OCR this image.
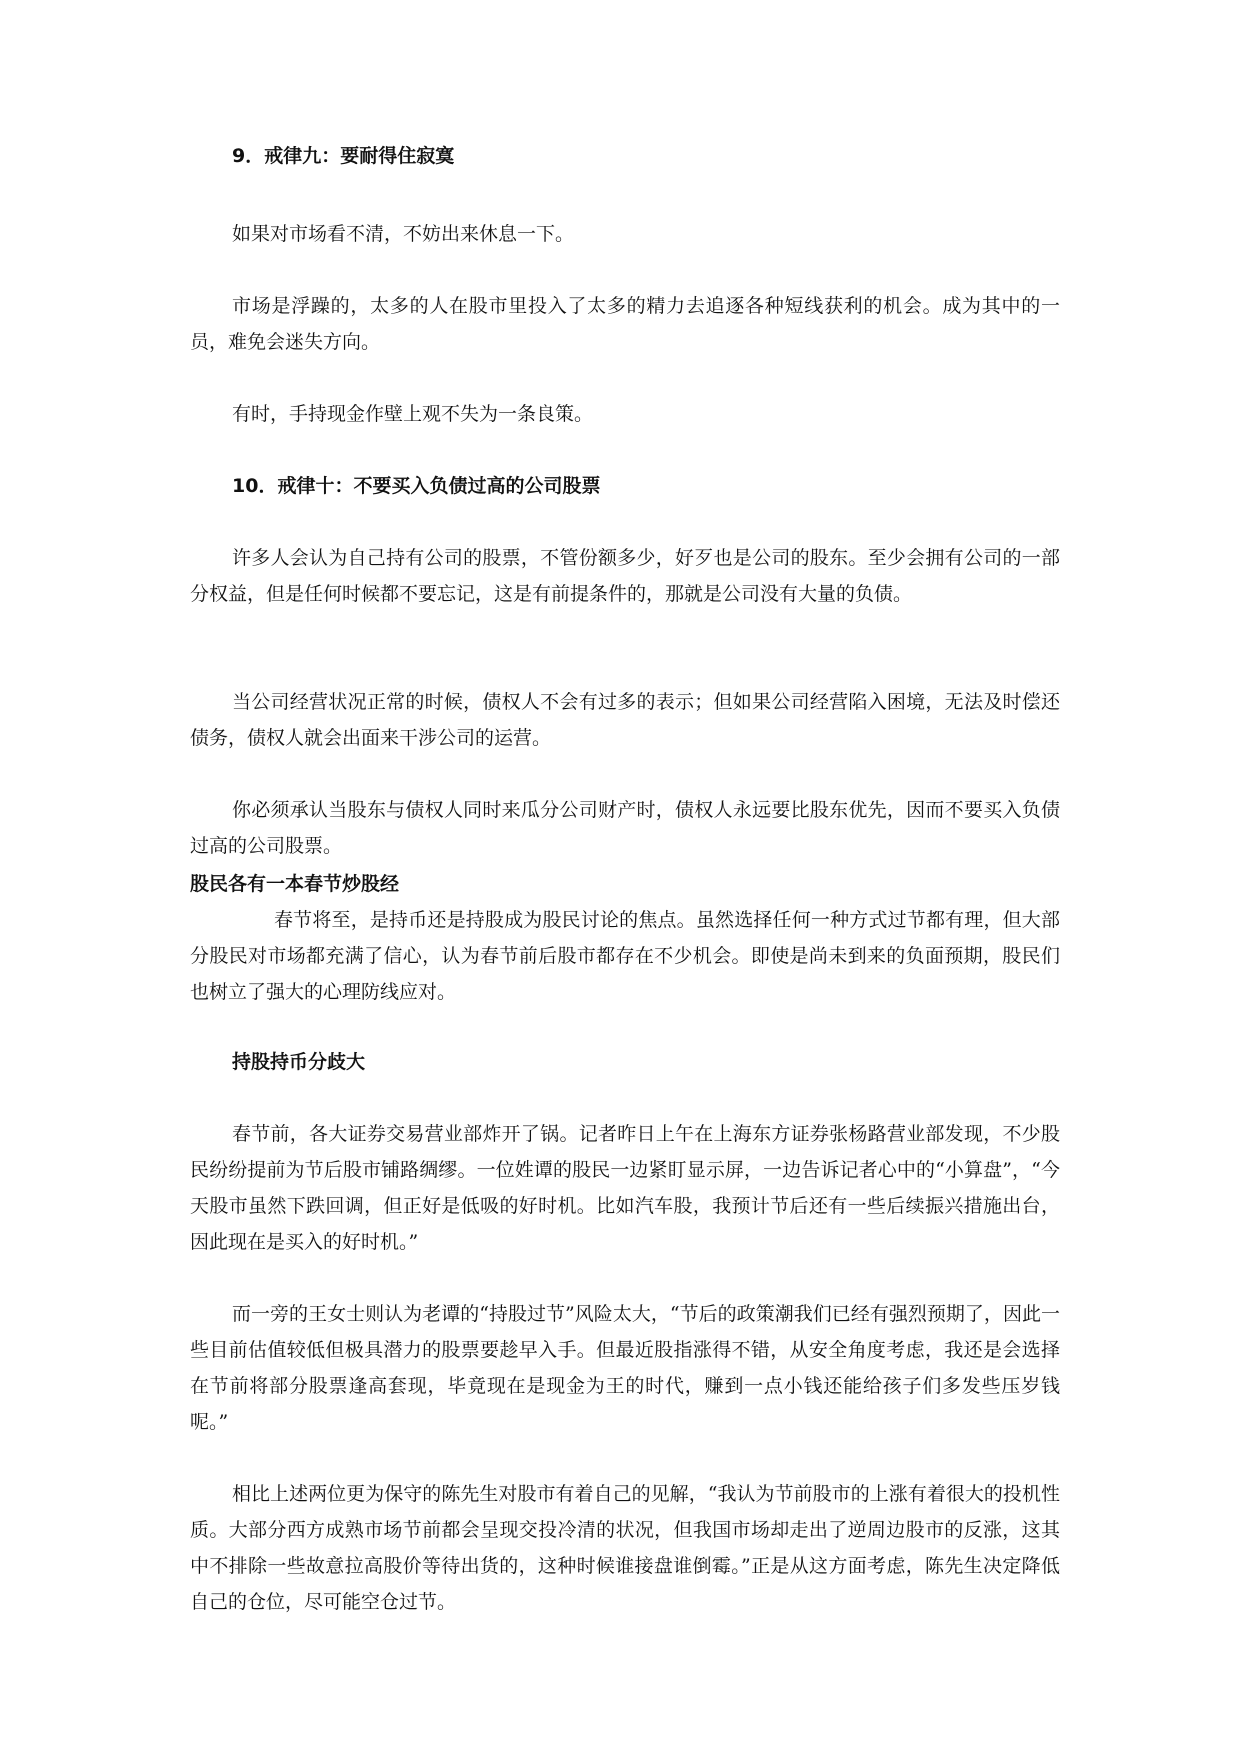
9．戒律九：要耐得住寂寞
如果对市场看不清，不妨出来休息一下。
市场是浮躁的，太多的人在股市里投入了太多的精力去追逐各种短线获利的机会。成为其中的一员，难免会迷失方向。
有时，手持现金作壁上观不失为一条良策。
10．戒律十：不要买入负债过高的公司股票
许多人会认为自己持有公司的股票，不管份额多少，好歹也是公司的股东。至少会拥有公司的一部分权益，但是任何时候都不要忘记，这是有前提条件的，那就是公司没有大量的负债。
当公司经营状况正常的时候，债权人不会有过多的表示；但如果公司经营陷入困境，无法及时偿还债务，债权人就会出面来干涉公司的运营。
你必须承认当股东与债权人同时来瓜分公司财产时，债权人永远要比股东优先，因而不要买入负债过高的公司股票。
股民各有一本春节炒股经
春节将至，是持币还是持股成为股民讨论的焦点。虽然选择任何一种方式过节都有理，但大部分股民对市场都充满了信心，认为春节前后股市都存在不少机会。即使是尚未到来的负面预期，股民们也树立了强大的心理防线应对。
持股持币分歧大
春节前，各大证券交易营业部炸开了锅。记者昨日上午在上海东方证券张杨路营业部发现，不少股民纷纷提前为节后股市铺路绸缪。一位姓谭的股民一边紧盯显示屏，一边告诉记者心中的“小算盘”，“今天股市虽然下跌回调，但正好是低吸的好时机。比如汽车股，我预计节后还有一些后续振兴措施出台，因此现在是买入的好时机。”
而一旁的王女士则认为老谭的“持股过节”风险太大，“节后的政策潮我们已经有强烈预期了，因此一些目前估值较低但极具潜力的股票要趁早入手。但最近股指涨得不错，从安全角度考虑，我还是会选择在节前将部分股票逢高套现，毕竟现在是现金为王的时代，赚到一点小钱还能给孩子们多发些压岁钱呢。”
相比上述两位更为保守的陈先生对股市有着自己的见解，“我认为节前股市的上涨有着很大的投机性质。大部分西方成熟市场节前都会呈现交投冷清的状况，但我国市场却走出了逆周边股市的反涨，这其中不排除一些故意拉高股价等待出货的，这种时候谁接盘谁倒霉。”正是从这方面考虑，陈先生决定降低自己的仓位，尽可能空仓过节。
